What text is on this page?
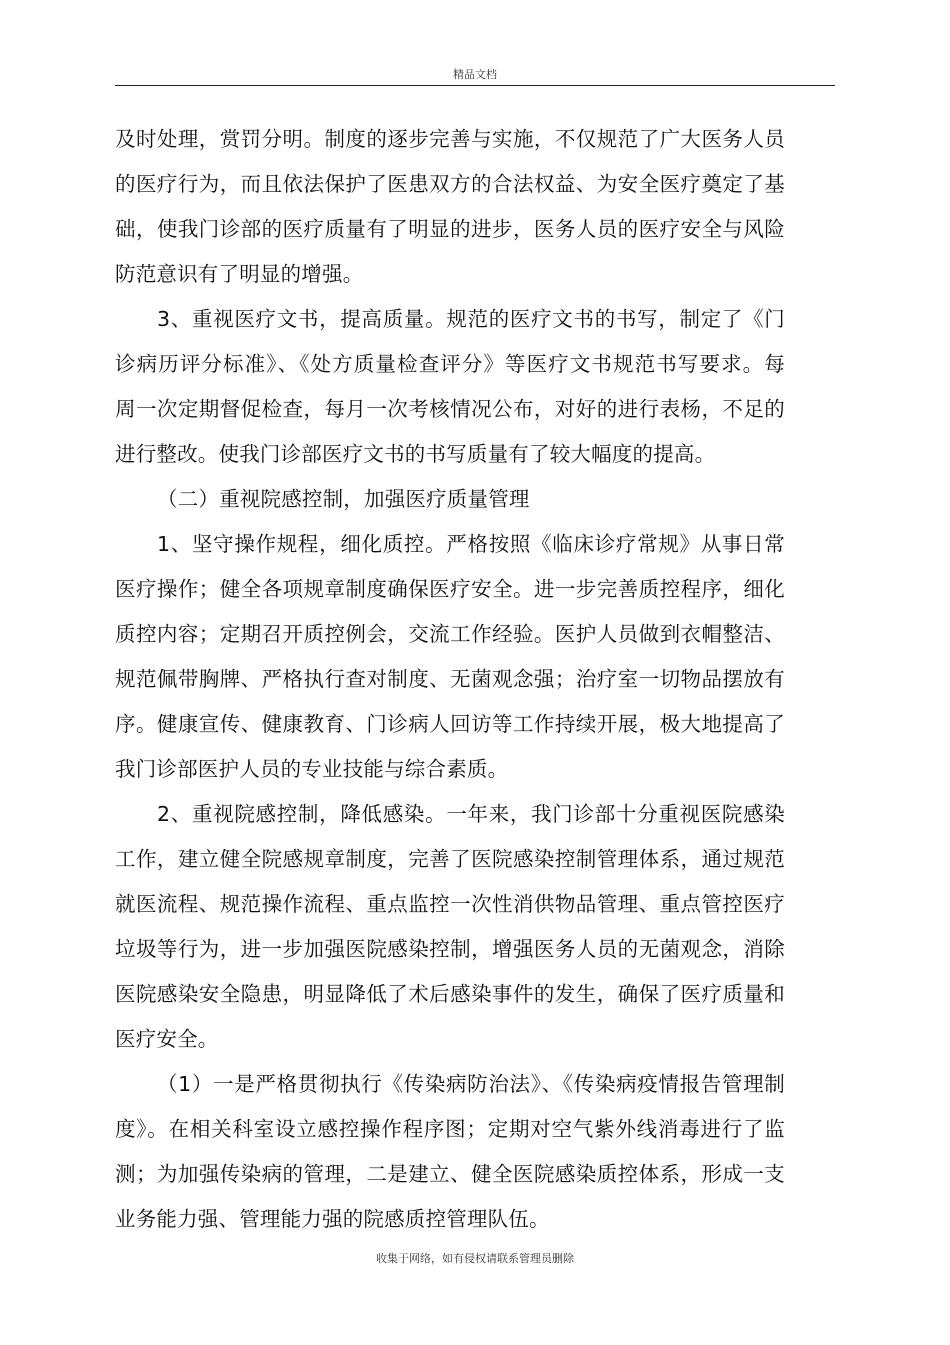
精品文档
及时处理，赏罚分明。制度的逐步完善与实施，不仅规范了广大医务人员
的医疗行为，而且依法保护了医患双方的合法权益、为安全医疗奠定了基
础，使我门诊部的医疗质量有了明显的进步，医务人员的医疗安全与风险
防范意识有了明显的增强。
3、重视医疗文书，提高质量。规范的医疗文书的书写，制定了《门
诊病历评分标准》、《处方质量检查评分》等医疗文书规范书写要求。每
周一次定期督促检查，每月一次考核情况公布，对好的进行表杨，不足的
进行整改。使我门诊部医疗文书的书写质量有了较大幅度的提高。
（二）重视院感控制，加强医疗质量管理
1、坚守操作规程，细化质控。严格按照《临床诊疗常规》从事日常
医疗操作；健全各项规章制度确保医疗安全。进一步完善质控程序，细化
质控内容；定期召开质控例会，交流工作经验。医护人员做到衣帽整洁、
规范佩带胸牌、严格执行查对制度、无菌观念强；治疗室一切物品摆放有
序。健康宣传、健康教育、门诊病人回访等工作持续开展，极大地提高了
我门诊部医护人员的专业技能与综合素质。
2、重视院感控制，降低感染。一年来，我门诊部十分重视医院感染
工作，建立健全院感规章制度，完善了医院感染控制管理体系，通过规范
就医流程、规范操作流程、重点监控一次性消供物品管理、重点管控医疗
垃圾等行为，进一步加强医院感染控制，增强医务人员的无菌观念，消除
医院感染安全隐患，明显降低了术后感染事件的发生，确保了医疗质量和
医疗安全。
（1）一是严格贯彻执行《传染病防治法》、《传染病疫情报告管理制
度》。在相关科室设立感控操作程序图；定期对空气紫外线消毒进行了监
测；为加强传染病的管理，二是建立、健全医院感染质控体系，形成一支
业务能力强、管理能力强的院感质控管理队伍。
收集于网络，如有侵权请联系管理员删除
